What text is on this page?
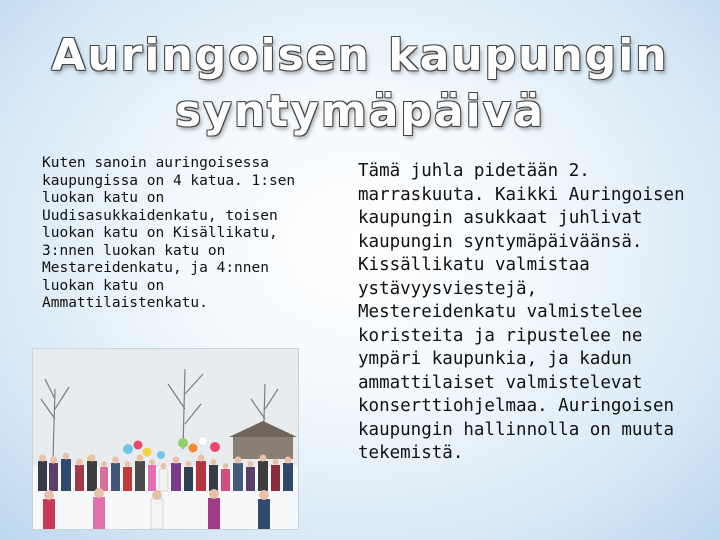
Auringoisen kaupungin
syntymäpäivä
Kuten sanoin auringoisessa kaupungissa on 4 katua. 1:sen luokan katu on Uudisasukkaidenkatu, toisen luokan katu on Kisällikatu, 3:nnen luokan katu on Mestareidenkatu, ja 4:nnen luokan katu on Ammattilaistenkatu.
Tämä juhla pidetään 2. marraskuuta. Kaikki Auringoisen kaupungin asukkaat juhlivat kaupungin syntymäpäiväänsä. Kissällikatu valmistaa ystävyysviestejä, Mestereidenkatu valmistelee koristeita ja ripustelee ne ympäri kaupunkia, ja kadun ammattilaiset valmistelevat konserttiohjelmaa. Auringoisen kaupungin hallinnolla on muuta tekemistä.
